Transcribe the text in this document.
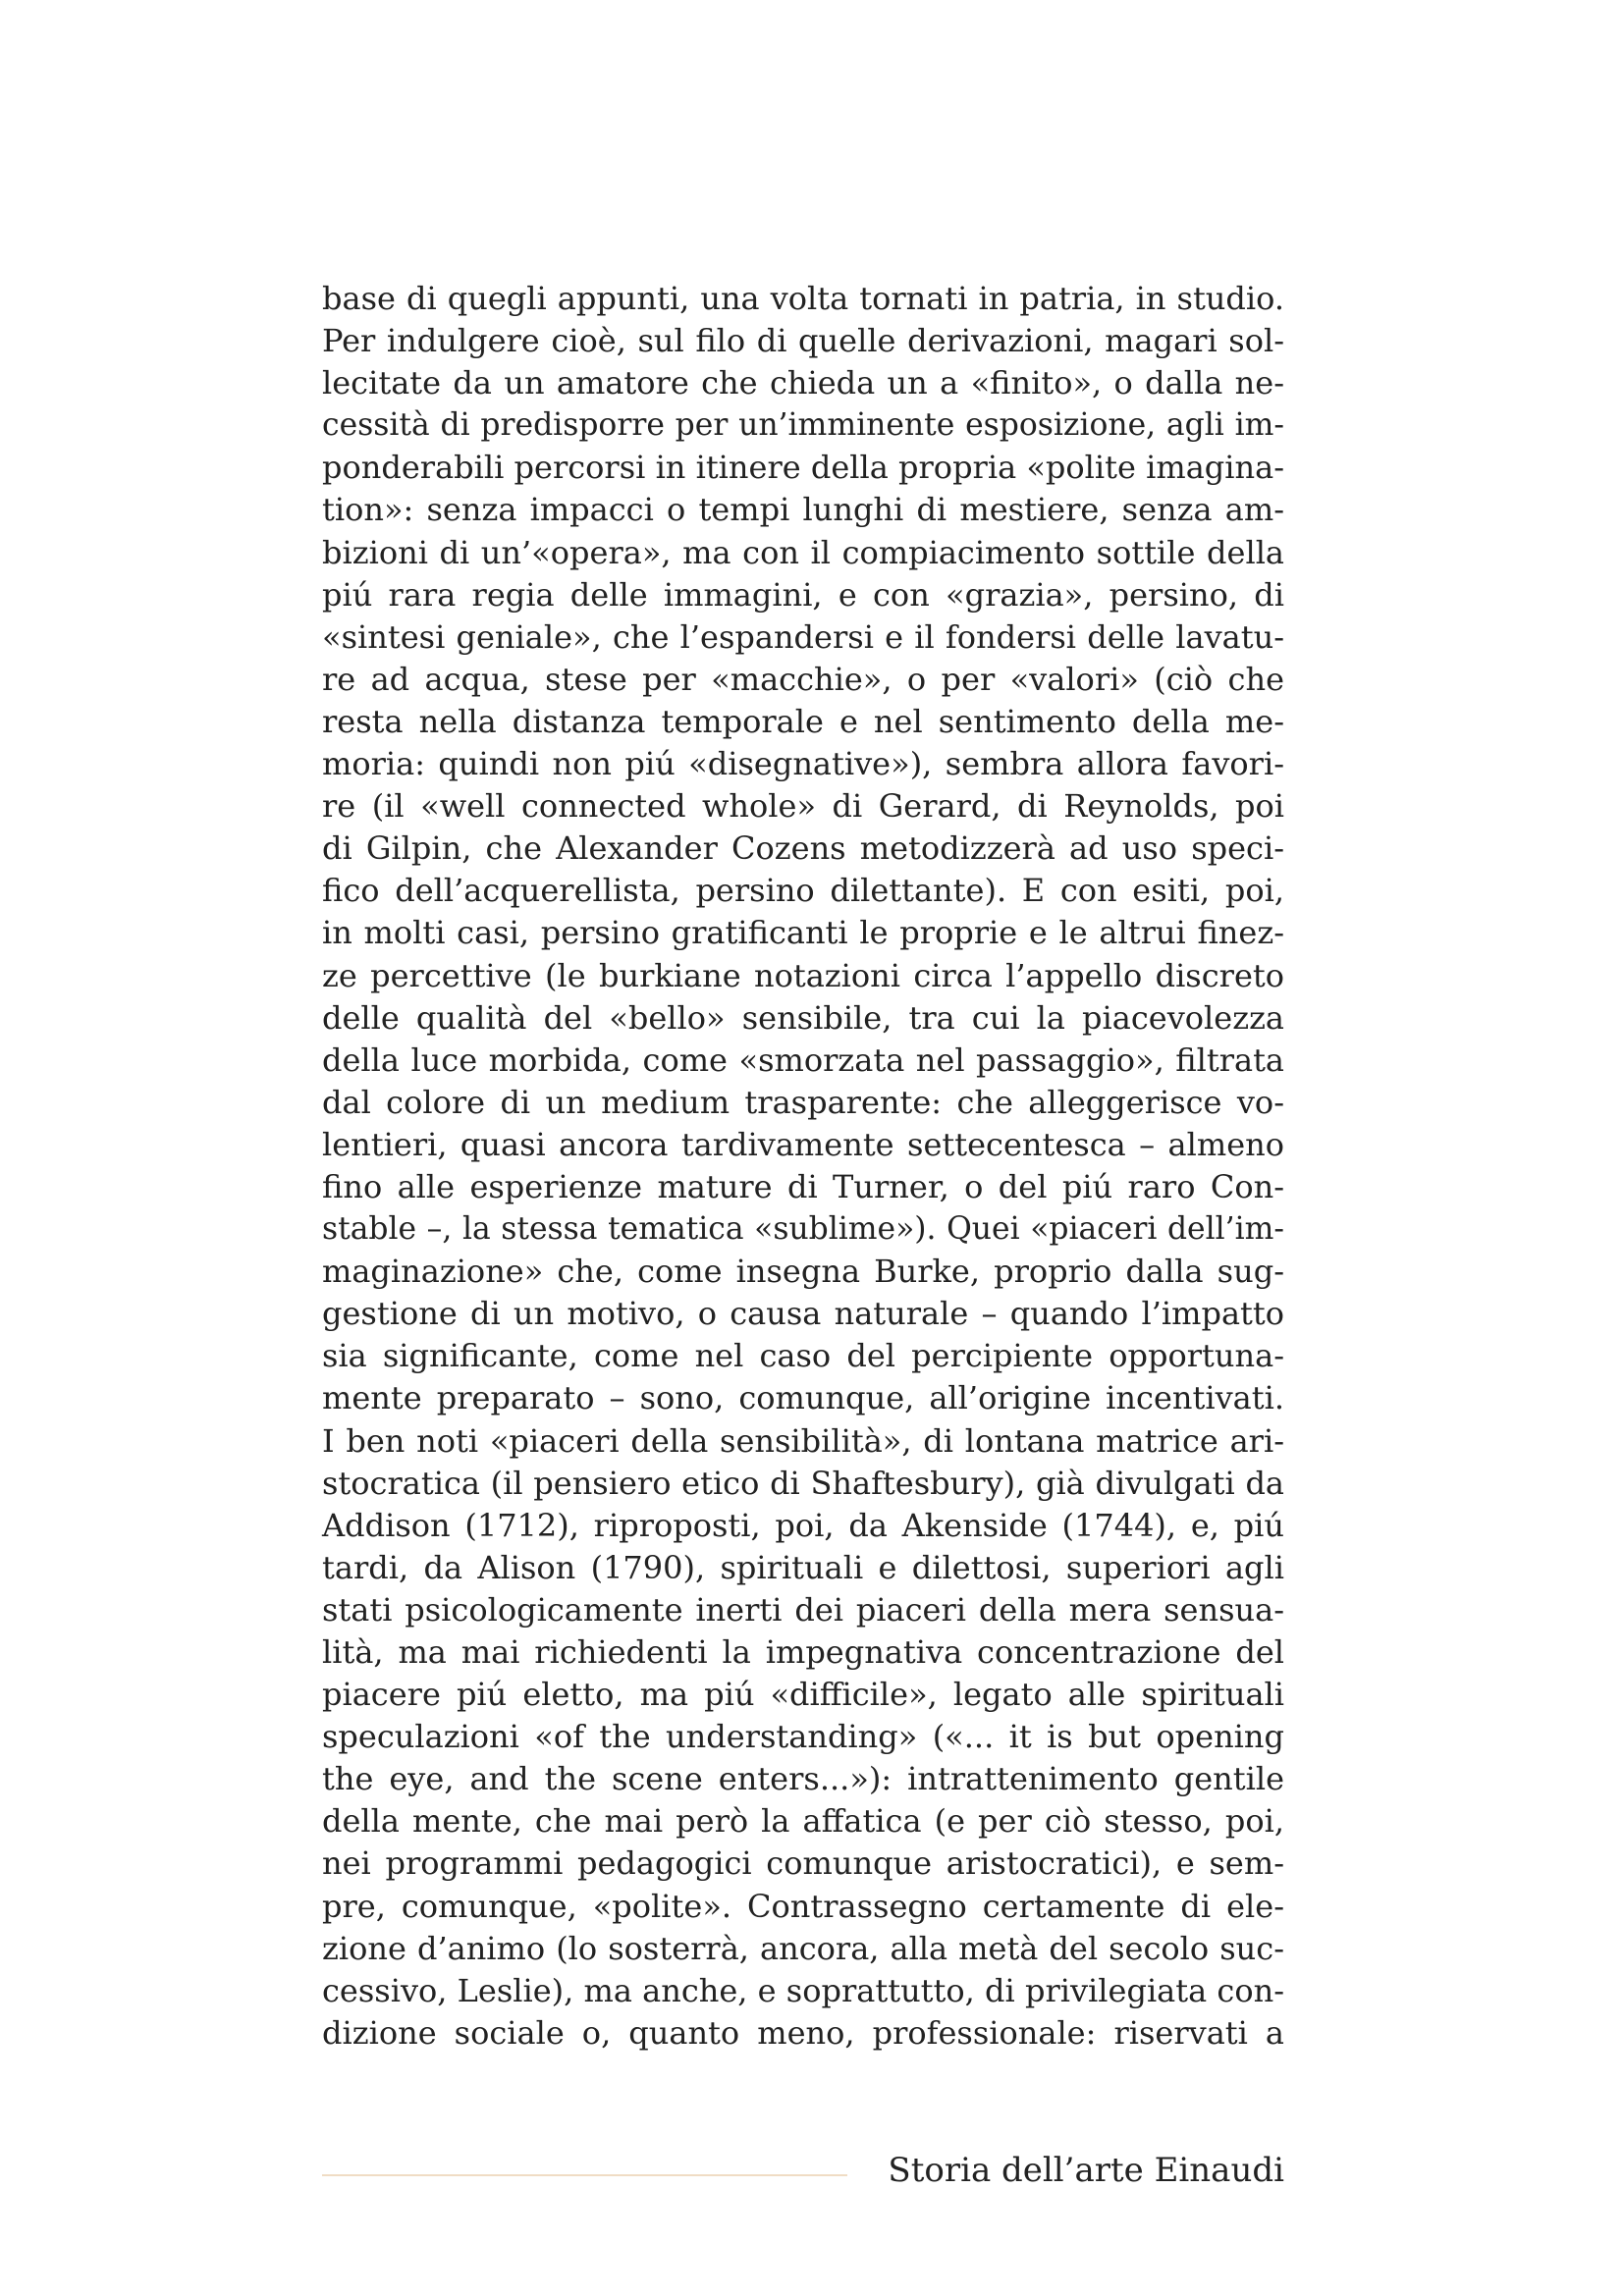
base di quegli appunti, una volta tornati in patria, in studio.
Per indulgere cioè, sul filo di quelle derivazioni, magari sol-
lecitate da un amatore che chieda un a «finito», o dalla ne-
cessità di predisporre per un’imminente esposizione, agli im-
ponderabili percorsi in itinere della propria «polite imagina-
tion»: senza impacci o tempi lunghi di mestiere, senza am-
bizioni di un’«opera», ma con il compiacimento sottile della
piú rara regia delle immagini, e con «grazia», persino, di
«sintesi geniale», che l’espandersi e il fondersi delle lavatu-
re ad acqua, stese per «macchie», o per «valori» (ciò che
resta nella distanza temporale e nel sentimento della me-
moria: quindi non piú «disegnative»), sembra allora favori-
re (il «well connected whole» di Gerard, di Reynolds, poi
di Gilpin, che Alexander Cozens metodizzerà ad uso speci-
fico dell’acquerellista, persino dilettante). E con esiti, poi,
in molti casi, persino gratificanti le proprie e le altrui finez-
ze percettive (le burkiane notazioni circa l’appello discreto
delle qualità del «bello» sensibile, tra cui la piacevolezza
della luce morbida, come «smorzata nel passaggio», filtrata
dal colore di un medium trasparente: che alleggerisce vo-
lentieri, quasi ancora tardivamente settecentesca – almeno
fino alle esperienze mature di Turner, o del piú raro Con-
stable –, la stessa tematica «sublime»). Quei «piaceri dell’im-
maginazione» che, come insegna Burke, proprio dalla sug-
gestione di un motivo, o causa naturale – quando l’impatto
sia significante, come nel caso del percipiente opportuna-
mente preparato – sono, comunque, all’origine incentivati.
I ben noti «piaceri della sensibilità», di lontana matrice ari-
stocratica (il pensiero etico di Shaftesbury), già divulgati da
Addison (1712), riproposti, poi, da Akenside (1744), e, piú
tardi, da Alison (1790), spirituali e dilettosi, superiori agli
stati psicologicamente inerti dei piaceri della mera sensua-
lità, ma mai richiedenti la impegnativa concentrazione del
piacere piú eletto, ma piú «difficile», legato alle spirituali
speculazioni «of the understanding» («... it is but opening
the eye, and the scene enters...»): intrattenimento gentile
della mente, che mai però la affatica (e per ciò stesso, poi,
nei programmi pedagogici comunque aristocratici), e sem-
pre, comunque, «polite». Contrassegno certamente di ele-
zione d’animo (lo sosterrà, ancora, alla metà del secolo suc-
cessivo, Leslie), ma anche, e soprattutto, di privilegiata con-
dizione sociale o, quanto meno, professionale: riservati a
Storia dell’arte Einaudi
